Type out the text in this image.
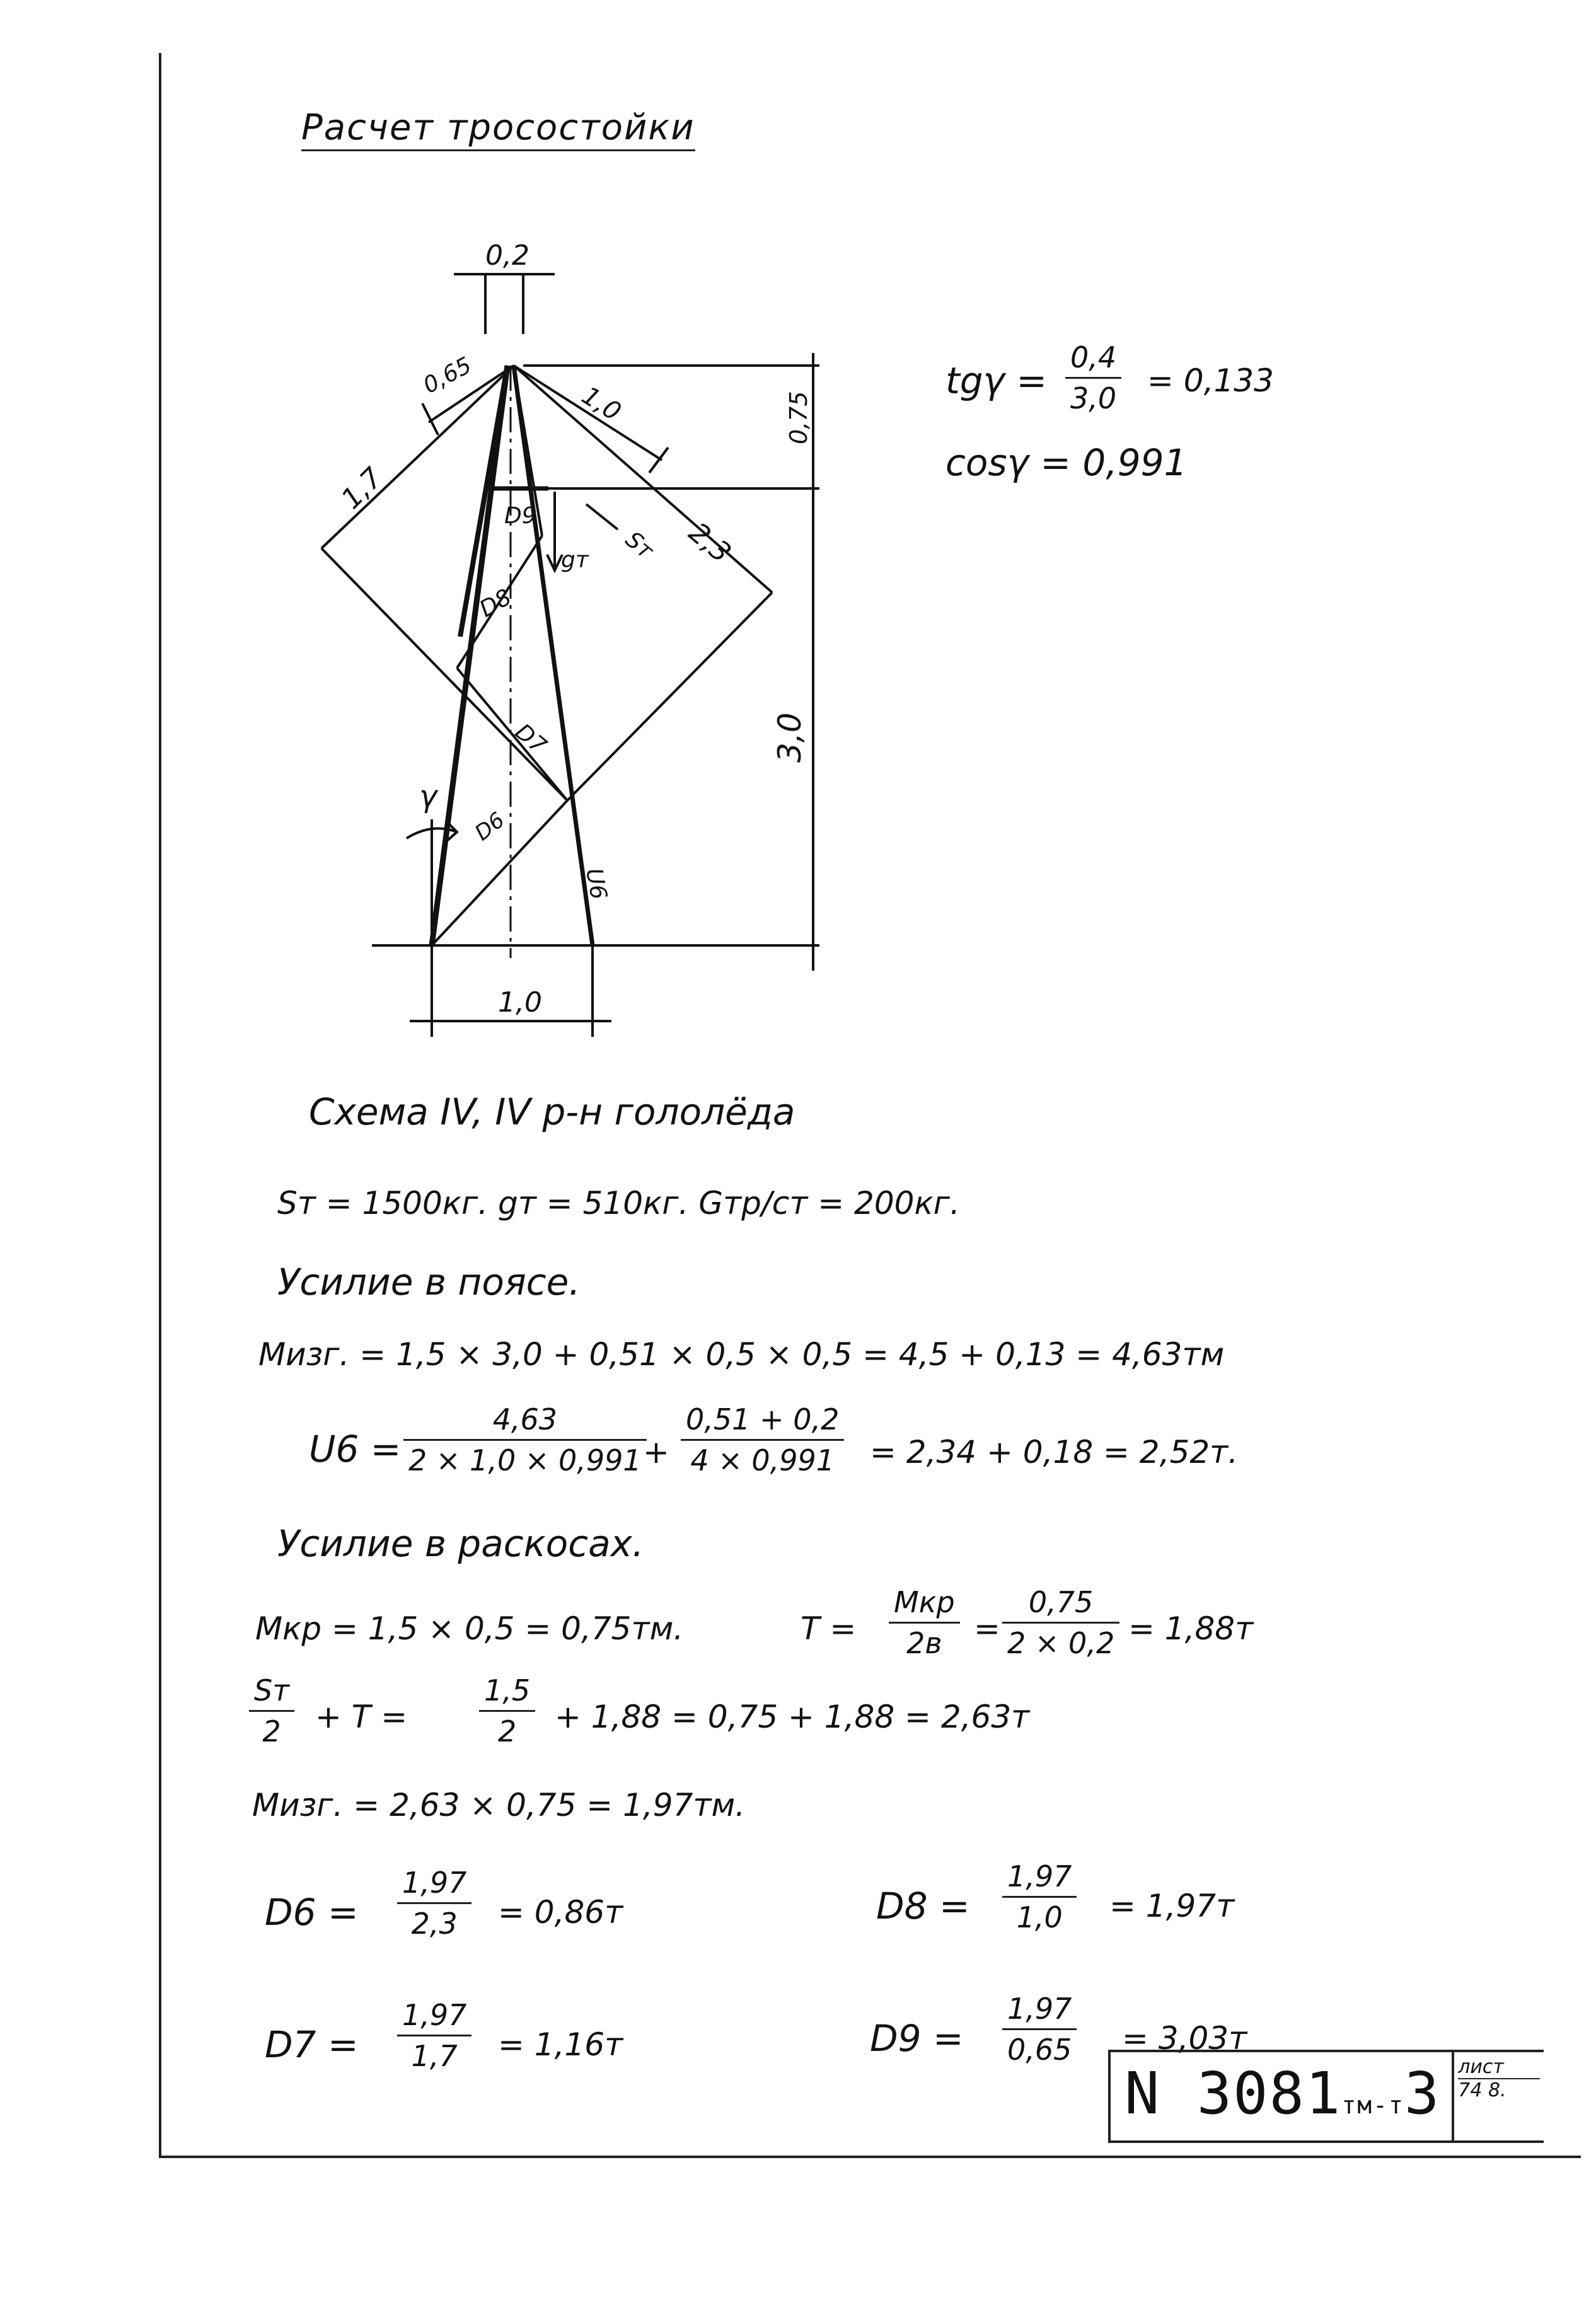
Расчет тросостойки
0,2
0,65
1,0	0,75
1,7
2,3
3,0
1,0
D9
gт Sт
D8
D7
D6
U6
γ
$tg\gamma = \frac{0,4}{3,0} = 0,133$
cosγ = 0,991
Схема IV, IV р-н гололёда
Sт = 1500кг. gт = 510кг. Gтр/ст = 200кг.
Усилие в поясе.
Mизг. = 1,5 × 3,0 + 0,51 × 0,5 × 0,5 = 4,5 + 0,13 = 4,63тм
$U6 = \frac{4,63}{2 \times 1,0 \times 0,991}$
+ $\frac{0,51 + 0,2}{4 \times 0,991} = 2,34 + 0,18 = 2,52т$.
Усилие в раскосах.
Mкр = 1,5 × 0,5 = 0,75тм.	T =
Mкр
2в	= $\frac{0,75}{2 \times 0,2} = 1,88т$
Sт
2	+ $T = \frac{1,5}{2} + 1,88 = 0,75 + 1,88 = 2,63т$
Mизг. = 2,63 × 0,75 = 1,97тм.
$D6 = \frac{1,97}{2,3} = 0,86т$	$D8 = \frac{1,97}{1,0} = 1,97т$
$D7 = \frac{1,97}{1,7} = 1,16т$	$D9 = \frac{1,97}{0,65} = 3,03т$
N 3081тм-т3 лист
74 8.
